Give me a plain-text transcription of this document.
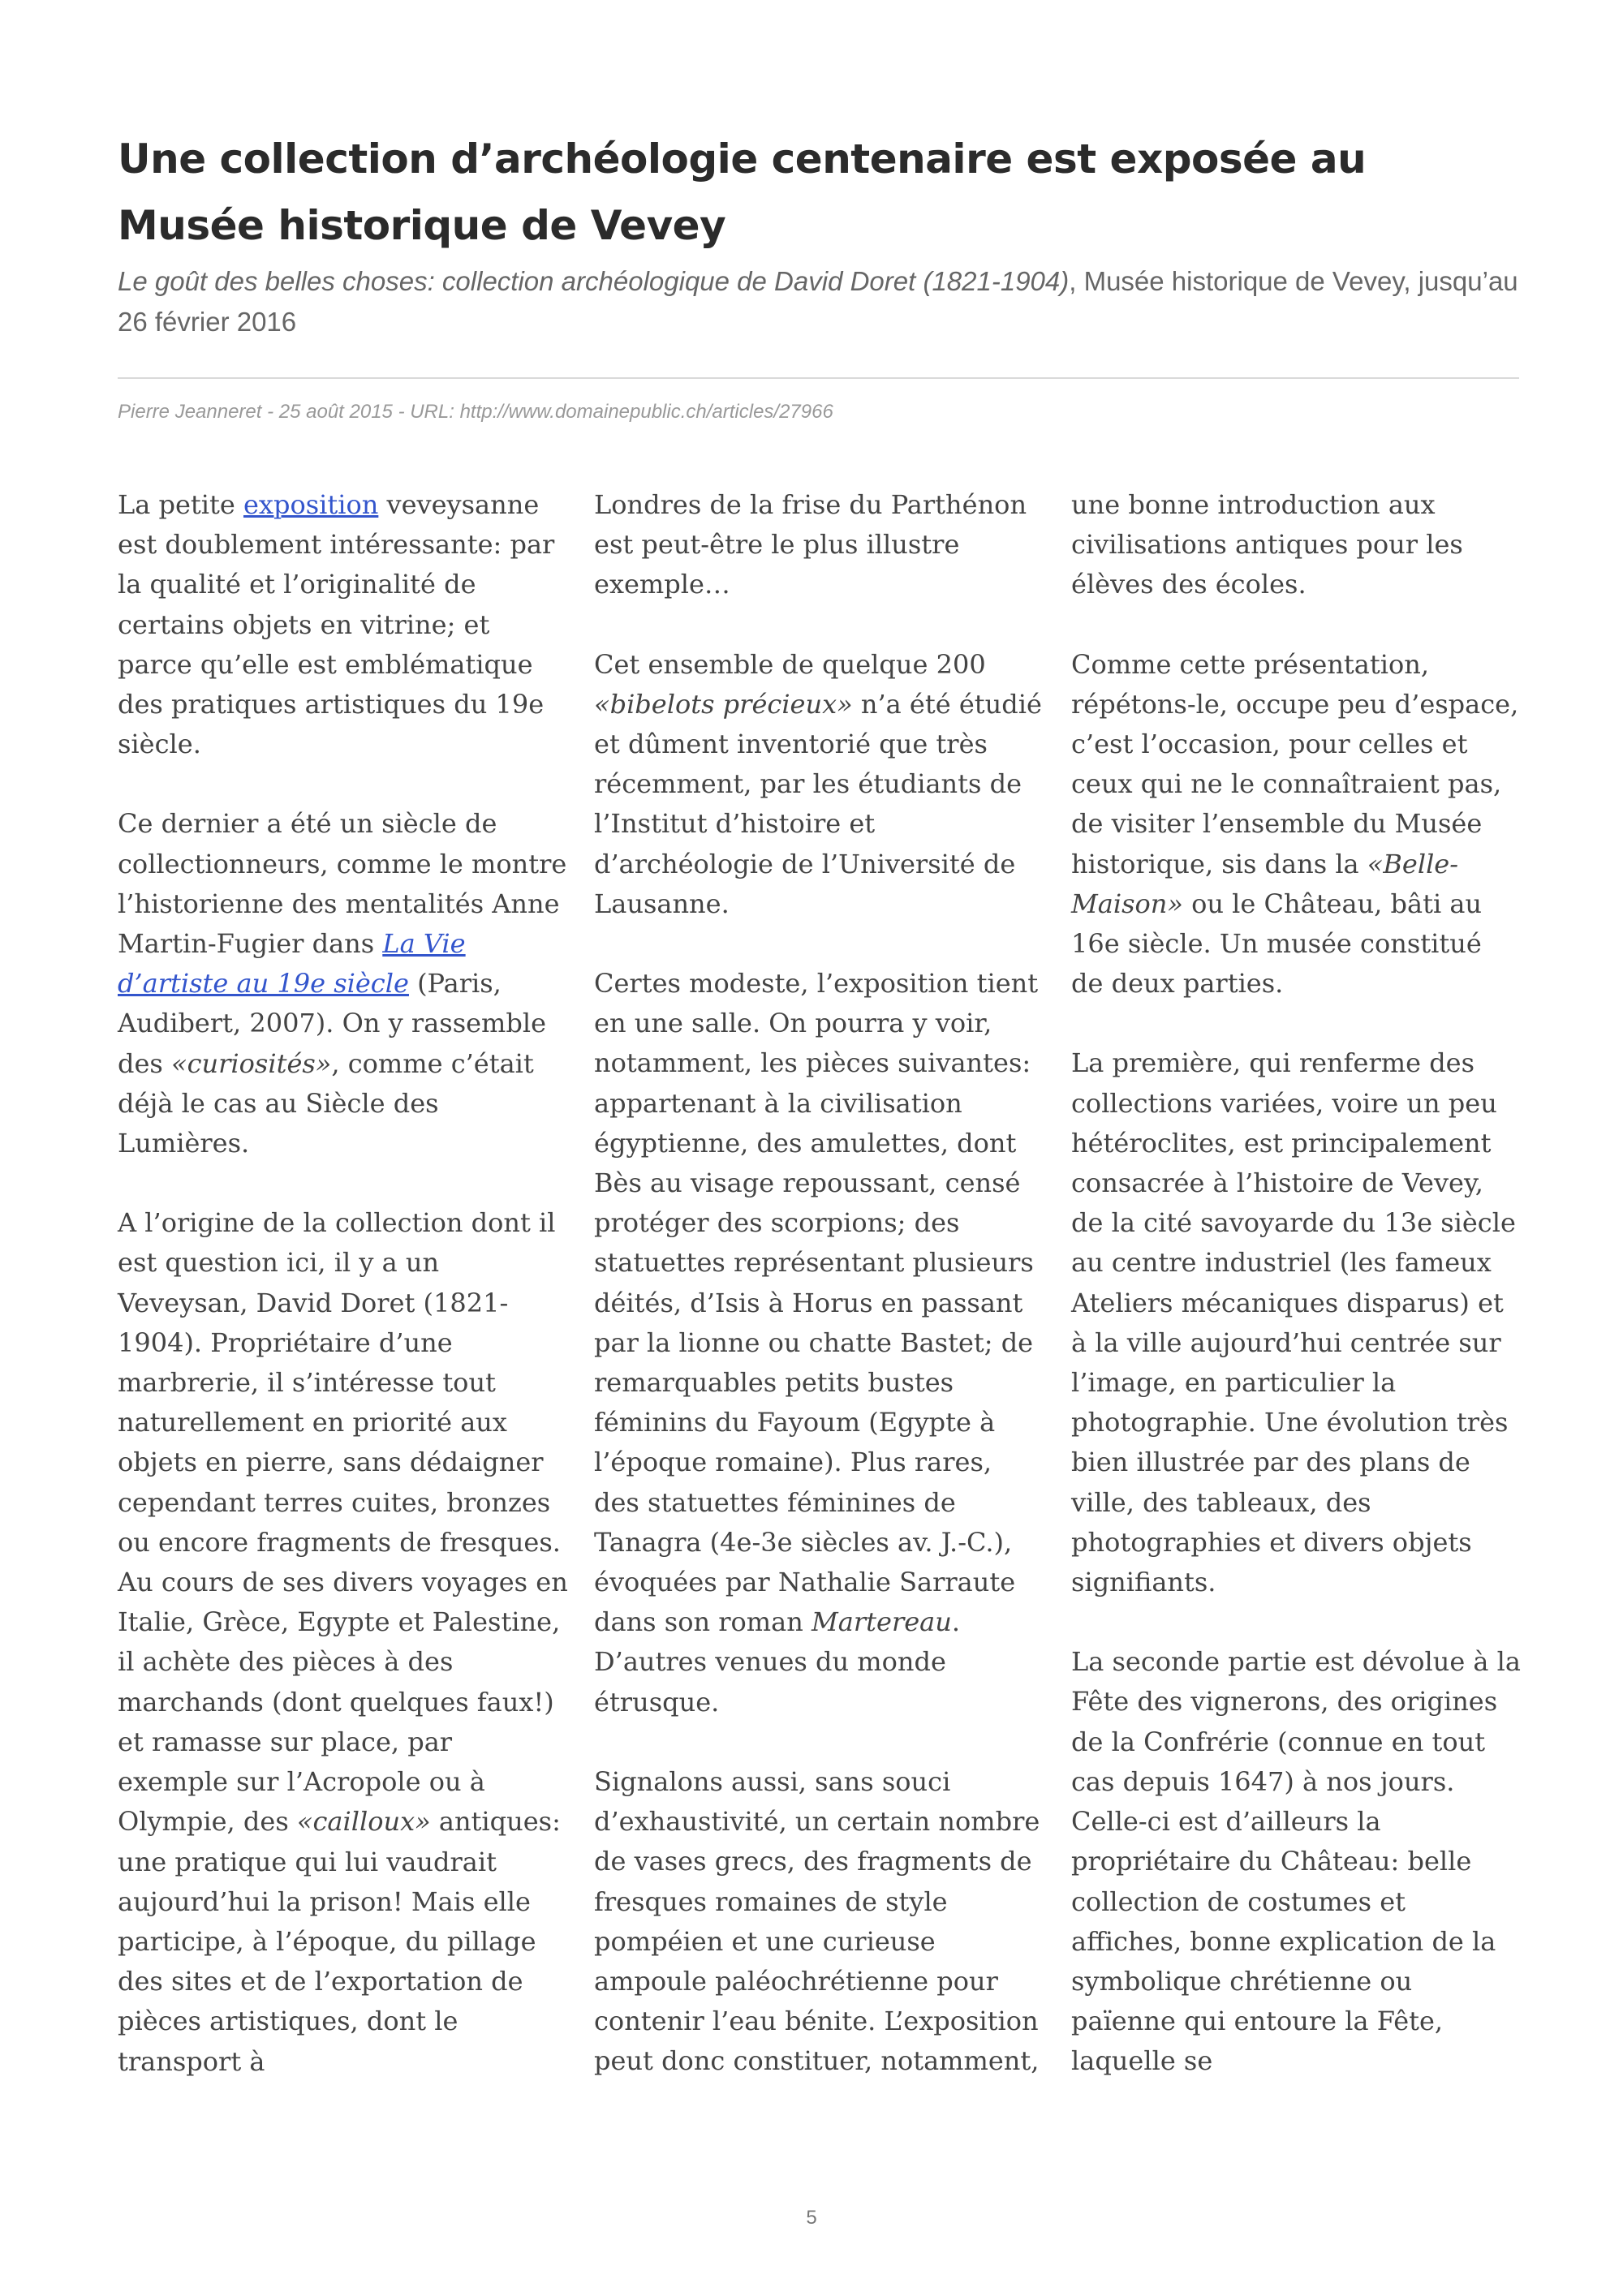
Une collection d’archéologie centenaire est exposée au Musée historique de Vevey
Le goût des belles choses: collection archéologique de David Doret (1821-1904), Musée historique de Vevey, jusqu’au 26 février 2016
Pierre Jeanneret - 25 août 2015 - URL: http://www.domainepublic.ch/articles/27966

La petite exposition veveysanne est doublement intéressante: par la qualité et l’originalité de certains objets en vitrine; et parce qu’elle est emblématique des pratiques artistiques du 19e siècle.

Ce dernier a été un siècle de collectionneurs, comme le montre l’historienne des mentalités Anne Martin-Fugier dans La Vie d’artiste au 19e siècle (Paris, Audibert, 2007). On y rassemble des «curiosités», comme c’était déjà le cas au Siècle des Lumières.

A l’origine de la collection dont il est question ici, il y a un Veveysan, David Doret (1821-1904). Propriétaire d’une marbrerie, il s’intéresse tout naturellement en priorité aux objets en pierre, sans dédaigner cependant terres cuites, bronzes ou encore fragments de fresques. Au cours de ses divers voyages en Italie, Grèce, Egypte et Palestine, il achète des pièces à des marchands (dont quelques faux!) et ramasse sur place, par exemple sur l’Acropole ou à Olympie, des «cailloux» antiques: une pratique qui lui vaudrait aujourd’hui la prison! Mais elle participe, à l’époque, du pillage des sites et de l’exportation de pièces artistiques, dont le transport à

Londres de la frise du Parthénon est peut-être le plus illustre exemple…

Cet ensemble de quelque 200 «bibelots précieux» n’a été étudié et dûment inventorié que très récemment, par les étudiants de l’Institut d’histoire et d’archéologie de l’Université de Lausanne.

Certes modeste, l’exposition tient en une salle. On pourra y voir, notamment, les pièces suivantes: appartenant à la civilisation égyptienne, des amulettes, dont Bès au visage repoussant, censé protéger des scorpions; des statuettes représentant plusieurs déités, d’Isis à Horus en passant par la lionne ou chatte Bastet; de remarquables petits bustes féminins du Fayoum (Egypte à l’époque romaine). Plus rares, des statuettes féminines de Tanagra (4e-3e siècles av. J.-C.), évoquées par Nathalie Sarraute dans son roman Martereau. D’autres venues du monde étrusque.

Signalons aussi, sans souci d’exhaustivité, un certain nombre de vases grecs, des fragments de fresques romaines de style pompéien et une curieuse ampoule paléochrétienne pour contenir l’eau bénite. L’exposition peut donc constituer, notamment,

une bonne introduction aux civilisations antiques pour les élèves des écoles.

Comme cette présentation, répétons-le, occupe peu d’espace, c’est l’occasion, pour celles et ceux qui ne le connaîtraient pas, de visiter l’ensemble du Musée historique, sis dans la «Belle-Maison» ou le Château, bâti au 16e siècle. Un musée constitué de deux parties.

La première, qui renferme des collections variées, voire un peu hétéroclites, est principalement consacrée à l’histoire de Vevey, de la cité savoyarde du 13e siècle au centre industriel (les fameux Ateliers mécaniques disparus) et à la ville aujourd’hui centrée sur l’image, en particulier la photographie. Une évolution très bien illustrée par des plans de ville, des tableaux, des photographies et divers objets signifiants.

La seconde partie est dévolue à la Fête des vignerons, des origines de la Confrérie (connue en tout cas depuis 1647) à nos jours. Celle-ci est d’ailleurs la propriétaire du Château: belle collection de costumes et affiches, bonne explication de la symbolique chrétienne ou païenne qui entoure la Fête, laquelle se

5
